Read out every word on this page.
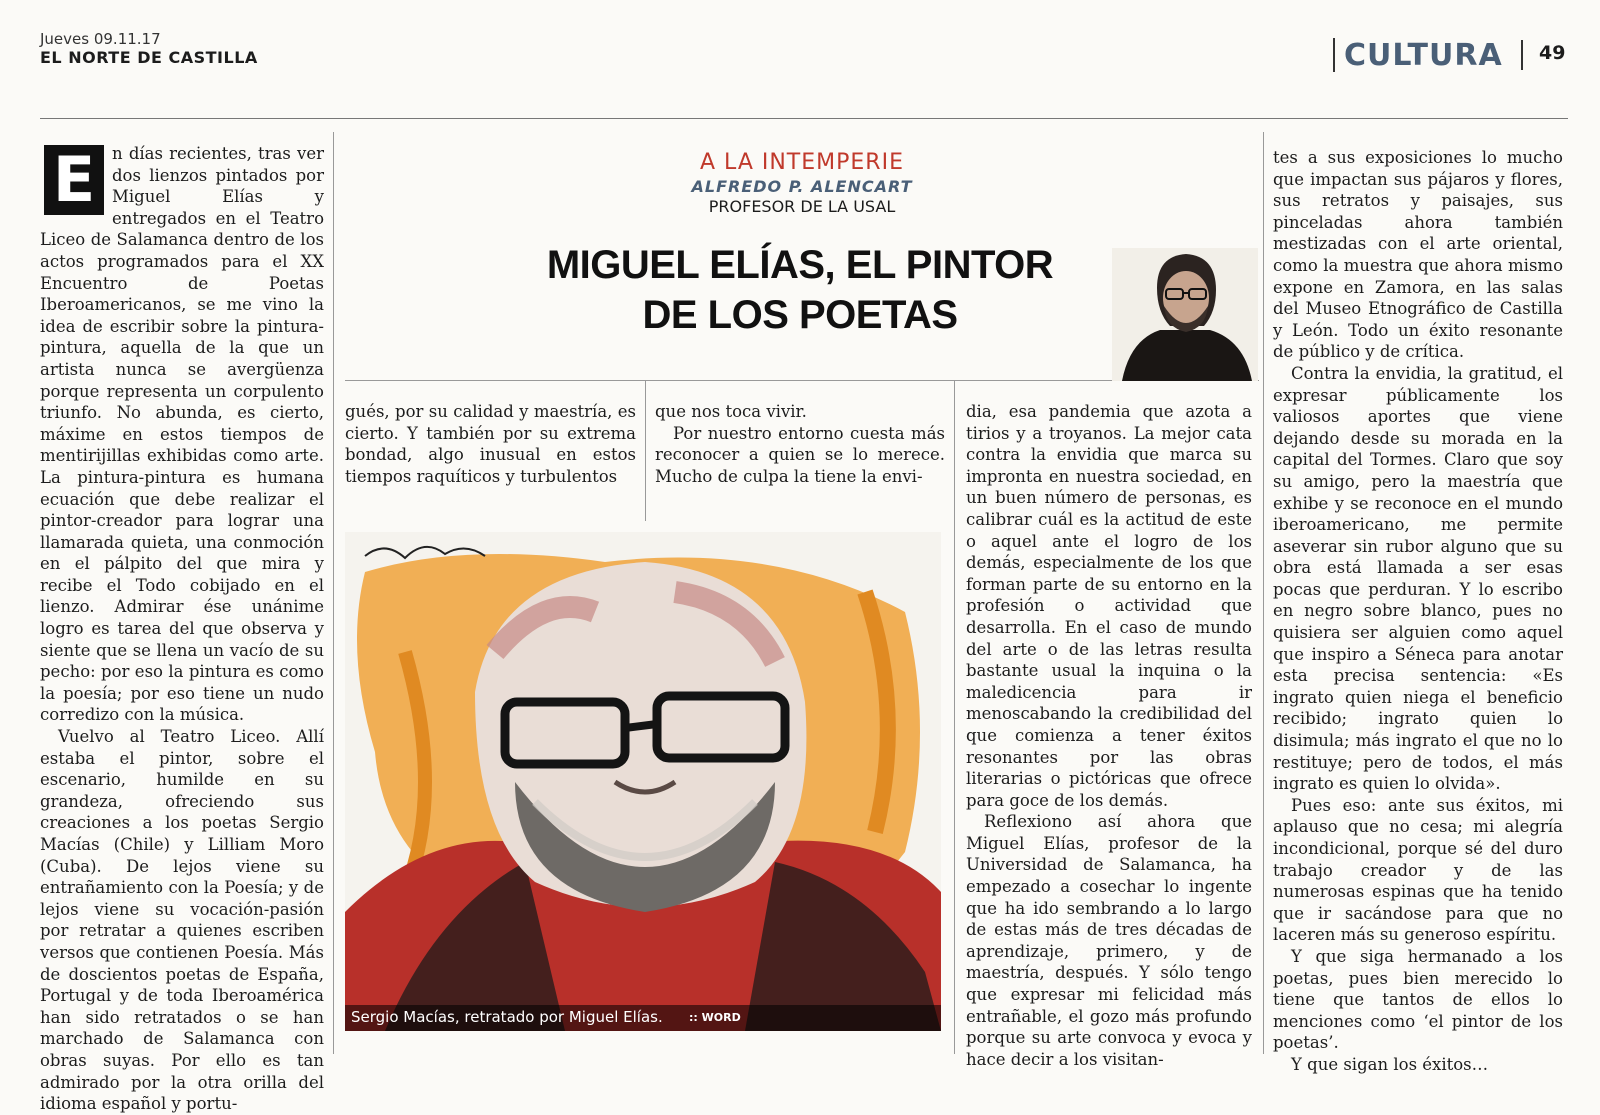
Jueves 09.11.17
EL NORTE DE CASTILLA	CULTURA 49
A LA INTEMPERIE
ALFREDO P. ALENCART
PROFESOR DE LA USAL
MIGUEL ELÍAS, EL PINTOR
DE LOS POETAS
Sergio Macías, retratado por Miguel Elías. :: WORD
E	n días recientes, tras ver dos lienzos pintados por Miguel Elías y entregados en el Teatro Liceo de Salamanca dentro de los actos programados para el XX Encuentro de Poetas Iberoamericanos, se me vino la idea de escribir sobre la pintura-pintura, aquella de la que un artista nunca se avergüenza porque representa un corpulento triunfo. No abunda, es cierto, máxime en estos tiempos de mentirijillas exhibidas como arte. La pintura-pintura es humana ecuación que debe realizar el pintor-creador para lograr una llamarada quieta, una conmoción en el pálpito del que mira y recibe el Todo cobijado en el lienzo. Admirar ése unánime logro es tarea del que observa y siente que se llena un vacío de su pecho: por eso la pintura es como la poesía; por eso tiene un nudo corredizo con la música.

Vuelvo al Teatro Liceo. Allí estaba el pintor, sobre el escenario, humilde en su grandeza, ofreciendo sus creaciones a los poetas Sergio Macías (Chile) y Lilliam Moro (Cuba). De lejos viene su entrañamiento con la Poesía; y de lejos viene su vocación-pasión por retratar a quienes escriben versos que contienen Poesía. Más de doscientos poetas de España, Portugal y de toda Iberoamérica han sido retratados o se han marchado de Salamanca con obras suyas. Por ello es tan admirado por la otra orilla del idioma español y portu-

gués, por su calidad y maestría, es cierto. Y también por su extrema bondad, algo inusual en estos tiempos raquíticos y turbulentos

que nos toca vivir.

Por nuestro entorno cuesta más reconocer a quien se lo merece. Mucho de culpa la tiene la envi-

dia, esa pandemia que azota a tirios y a troyanos. La mejor cata contra la envidia que marca su impronta en nuestra sociedad, en un buen número de personas, es calibrar cuál es la actitud de este o aquel ante el logro de los demás, especialmente de los que forman parte de su entorno en la profesión o actividad que desarrolla. En el caso de mundo del arte o de las letras resulta bastante usual la inquina o la maledicencia para ir menoscabando la credibilidad del que comienza a tener éxitos resonantes por las obras literarias o pictóricas que ofrece para goce de los demás.

Reflexiono así ahora que Miguel Elías, profesor de la Universidad de Salamanca, ha empezado a cosechar lo ingente que ha ido sembrando a lo largo de estas más de tres décadas de aprendizaje, primero, y de maestría, después. Y sólo tengo que expresar mi felicidad más entrañable, el gozo más profundo porque su arte convoca y evoca y hace decir a los visitan-

tes a sus exposiciones lo mucho que impactan sus pájaros y flores, sus retratos y paisajes, sus pinceladas ahora también mestizadas con el arte oriental, como la muestra que ahora mismo expone en Zamora, en las salas del Museo Etnográfico de Castilla y León. Todo un éxito resonante de público y de crítica.

Contra la envidia, la gratitud, el expresar públicamente los valiosos aportes que viene dejando desde su morada en la capital del Tormes. Claro que soy su amigo, pero la maestría que exhibe y se reconoce en el mundo iberoamericano, me permite aseverar sin rubor alguno que su obra está llamada a ser esas pocas que perduran. Y lo escribo en negro sobre blanco, pues no quisiera ser alguien como aquel que inspiro a Séneca para anotar esta precisa sentencia: «Es ingrato quien niega el beneficio recibido; ingrato quien lo disimula; más ingrato el que no lo restituye; pero de todos, el más ingrato es quien lo olvida».

Pues eso: ante sus éxitos, mi aplauso que no cesa; mi alegría incondicional, porque sé del duro trabajo creador y de las numerosas espinas que ha tenido que ir sacándose para que no laceren más su generoso espíritu.

Y que siga hermanado a los poetas, pues bien merecido lo tiene que tantos de ellos lo menciones como ‘el pintor de los poetas’.

Y que sigan los éxitos…
